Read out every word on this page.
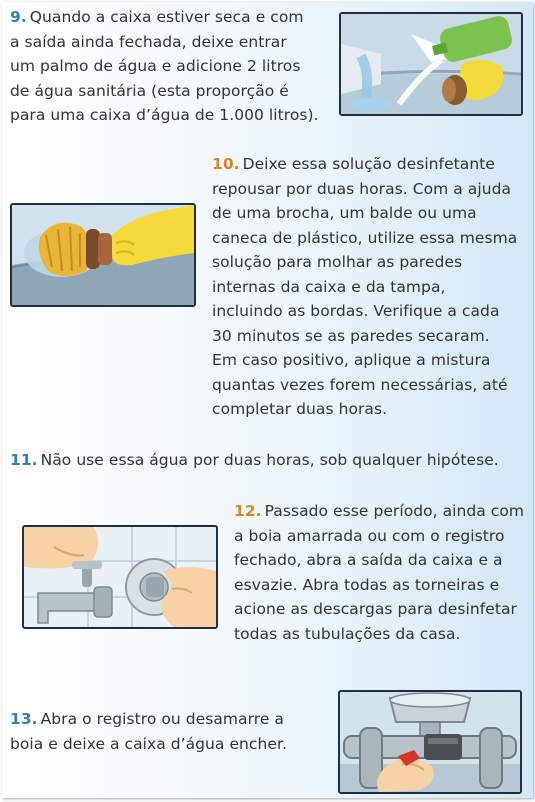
9. Quando a caixa estiver seca e com
a saída ainda fechada, deixe entrar
um palmo de água e adicione 2 litros
de água sanitária (esta proporção é
para uma caixa d’água de 1.000 litros).
10. Deixe essa solução desinfetante
repousar por duas horas. Com a ajuda
de uma brocha, um balde ou uma
caneca de plástico, utilize essa mesma
solução para molhar as paredes
internas da caixa e da tampa,
incluindo as bordas. Verifique a cada
30 minutos se as paredes secaram.
Em caso positivo, aplique a mistura
quantas vezes forem necessárias, até
completar duas horas.
11. Não use essa água por duas horas, sob qualquer hipótese.
12. Passado esse período, ainda com
a boia amarrada ou com o registro
fechado, abra a saída da caixa e a
esvazie. Abra todas as torneiras e
acione as descargas para desinfetar
todas as tubulações da casa.
13. Abra o registro ou desamarre a
boia e deixe a caixa d’água encher.
